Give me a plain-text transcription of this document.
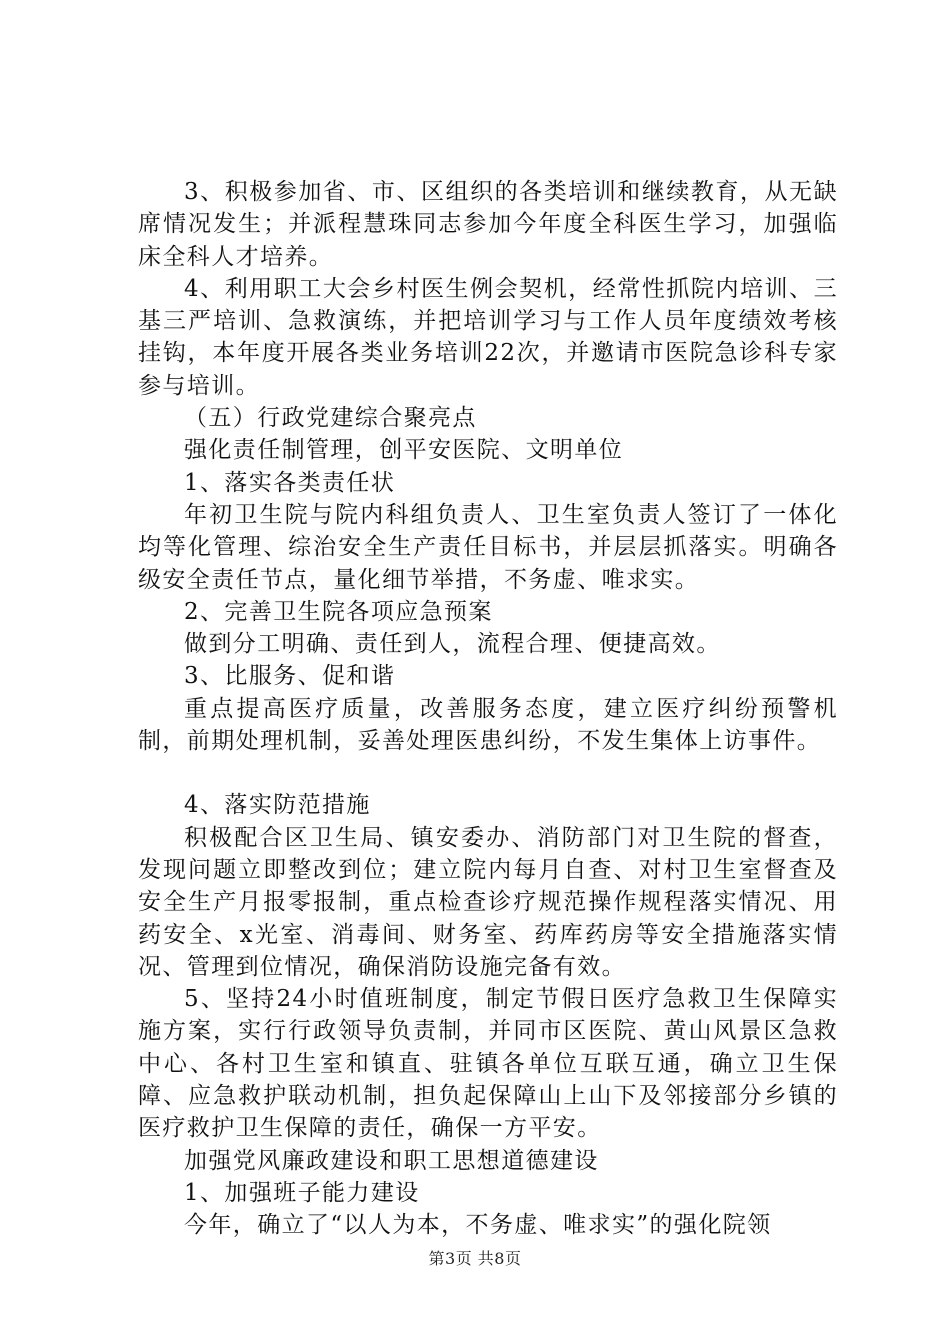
3、积极参加省、市、区组织的各类培训和继续教育，从无缺席情况发生；并派程慧珠同志参加今年度全科医生学习，加强临床全科人才培养。

4、利用职工大会乡村医生例会契机，经常性抓院内培训、三基三严培训、急救演练，并把培训学习与工作人员年度绩效考核挂钩，本年度开展各类业务培训22次，并邀请市医院急诊科专家参与培训。

（五）行政党建综合聚亮点

强化责任制管理，创平安医院、文明单位

1、落实各类责任状

年初卫生院与院内科组负责人、卫生室负责人签订了一体化均等化管理、综治安全生产责任目标书，并层层抓落实。明确各级安全责任节点，量化细节举措，不务虚、唯求实。

2、完善卫生院各项应急预案

做到分工明确、责任到人，流程合理、便捷高效。

3、比服务、促和谐

重点提高医疗质量，改善服务态度，建立医疗纠纷预警机制，前期处理机制，妥善处理医患纠纷，不发生集体上访事件。

4、落实防范措施

积极配合区卫生局、镇安委办、消防部门对卫生院的督查，发现问题立即整改到位；建立院内每月自查、对村卫生室督查及安全生产月报零报制，重点检查诊疗规范操作规程落实情况、用药安全、x光室、消毒间、财务室、药库药房等安全措施落实情况、管理到位情况，确保消防设施完备有效。

5、坚持24小时值班制度，制定节假日医疗急救卫生保障实施方案，实行行政领导负责制，并同市区医院、黄山风景区急救中心、各村卫生室和镇直、驻镇各单位互联互通，确立卫生保障、应急救护联动机制，担负起保障山上山下及邻接部分乡镇的医疗救护卫生保障的责任，确保一方平安。

加强党风廉政建设和职工思想道德建设

1、加强班子能力建设

今年，确立了“以人为本，不务虚、唯求实”的强化院领

第3页 共8页
